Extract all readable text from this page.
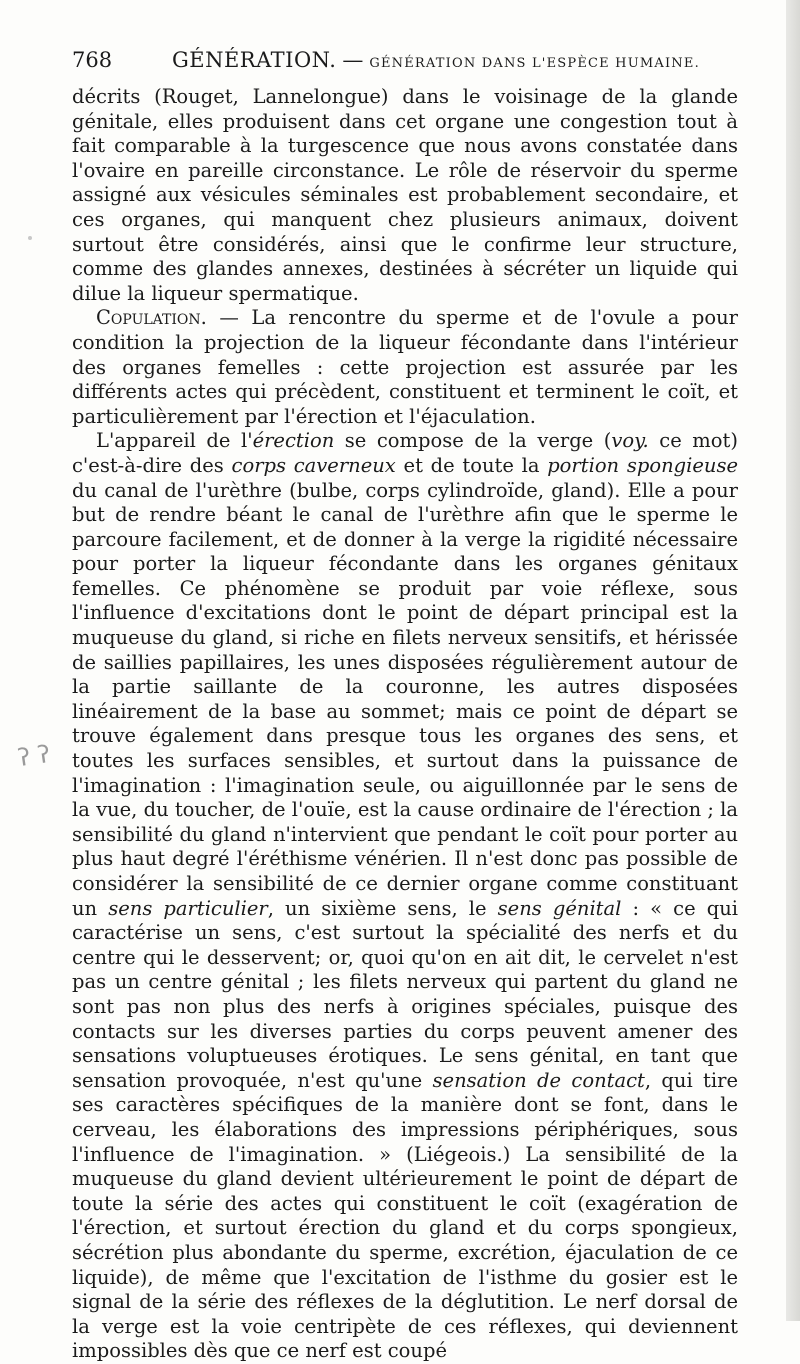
ʔ ʔ
768	GÉNÉRATION. — GÉNÉRATION DANS L'ESPÈCE HUMAINE.

décrits (Rouget, Lannelongue) dans le voisinage de la glande génitale, elles produisent dans cet organe une congestion tout à fait comparable à la turgescence que nous avons constatée dans l'ovaire en pareille circonstance. Le rôle de réservoir du sperme assigné aux vésicules séminales est probablement secondaire, et ces organes, qui manquent chez plusieurs animaux, doivent surtout être considérés, ainsi que le confirme leur structure, comme des glandes annexes, destinées à sécréter un liquide qui dilue la liqueur spermatique.

Copulation. — La rencontre du sperme et de l'ovule a pour condition la projection de la liqueur fécondante dans l'intérieur des organes femelles : cette projection est assurée par les différents actes qui précèdent, constituent et terminent le coït, et particulièrement par l'érection et l'éjaculation.

L'appareil de l'érection se compose de la verge (voy. ce mot) c'est-à-dire des corps caverneux et de toute la portion spongieuse du canal de l'urèthre (bulbe, corps cylindroïde, gland). Elle a pour but de rendre béant le canal de l'urèthre afin que le sperme le parcoure facilement, et de donner à la verge la rigidité nécessaire pour porter la liqueur fécondante dans les organes génitaux femelles. Ce phénomène se produit par voie réflexe, sous l'influence d'excitations dont le point de départ principal est la muqueuse du gland, si riche en filets nerveux sensitifs, et hérissée de saillies papillaires, les unes disposées régulièrement autour de la partie saillante de la couronne, les autres disposées linéairement de la base au sommet; mais ce point de départ se trouve également dans presque tous les organes des sens, et toutes les surfaces sensibles, et surtout dans la puissance de l'imagination : l'imagination seule, ou aiguillonnée par le sens de la vue, du toucher, de l'ouïe, est la cause ordinaire de l'érection ; la sensibilité du gland n'intervient que pendant le coït pour porter au plus haut degré l'éréthisme vénérien. Il n'est donc pas possible de considérer la sensibilité de ce dernier organe comme constituant un sens particulier, un sixième sens, le sens génital : « ce qui caractérise un sens, c'est surtout la spécialité des nerfs et du centre qui le desservent; or, quoi qu'on en ait dit, le cervelet n'est pas un centre génital ; les filets nerveux qui partent du gland ne sont pas non plus des nerfs à origines spéciales, puisque des contacts sur les diverses parties du corps peuvent amener des sensations voluptueuses érotiques. Le sens génital, en tant que sensation provoquée, n'est qu'une sensation de contact, qui tire ses caractères spécifiques de la manière dont se font, dans le cerveau, les élaborations des impressions périphériques, sous l'influence de l'imagination. » (Liégeois.) La sensibilité de la muqueuse du gland devient ultérieurement le point de départ de toute la série des actes qui constituent le coït (exagération de l'érection, et surtout érection du gland et du corps spongieux, sécrétion plus abondante du sperme, excrétion, éjaculation de ce liquide), de même que l'excitation de l'isthme du gosier est le signal de la série des réflexes de la déglutition. Le nerf dorsal de la verge est la voie centripète de ces réflexes, qui deviennent impossibles dès que ce nerf est coupé
